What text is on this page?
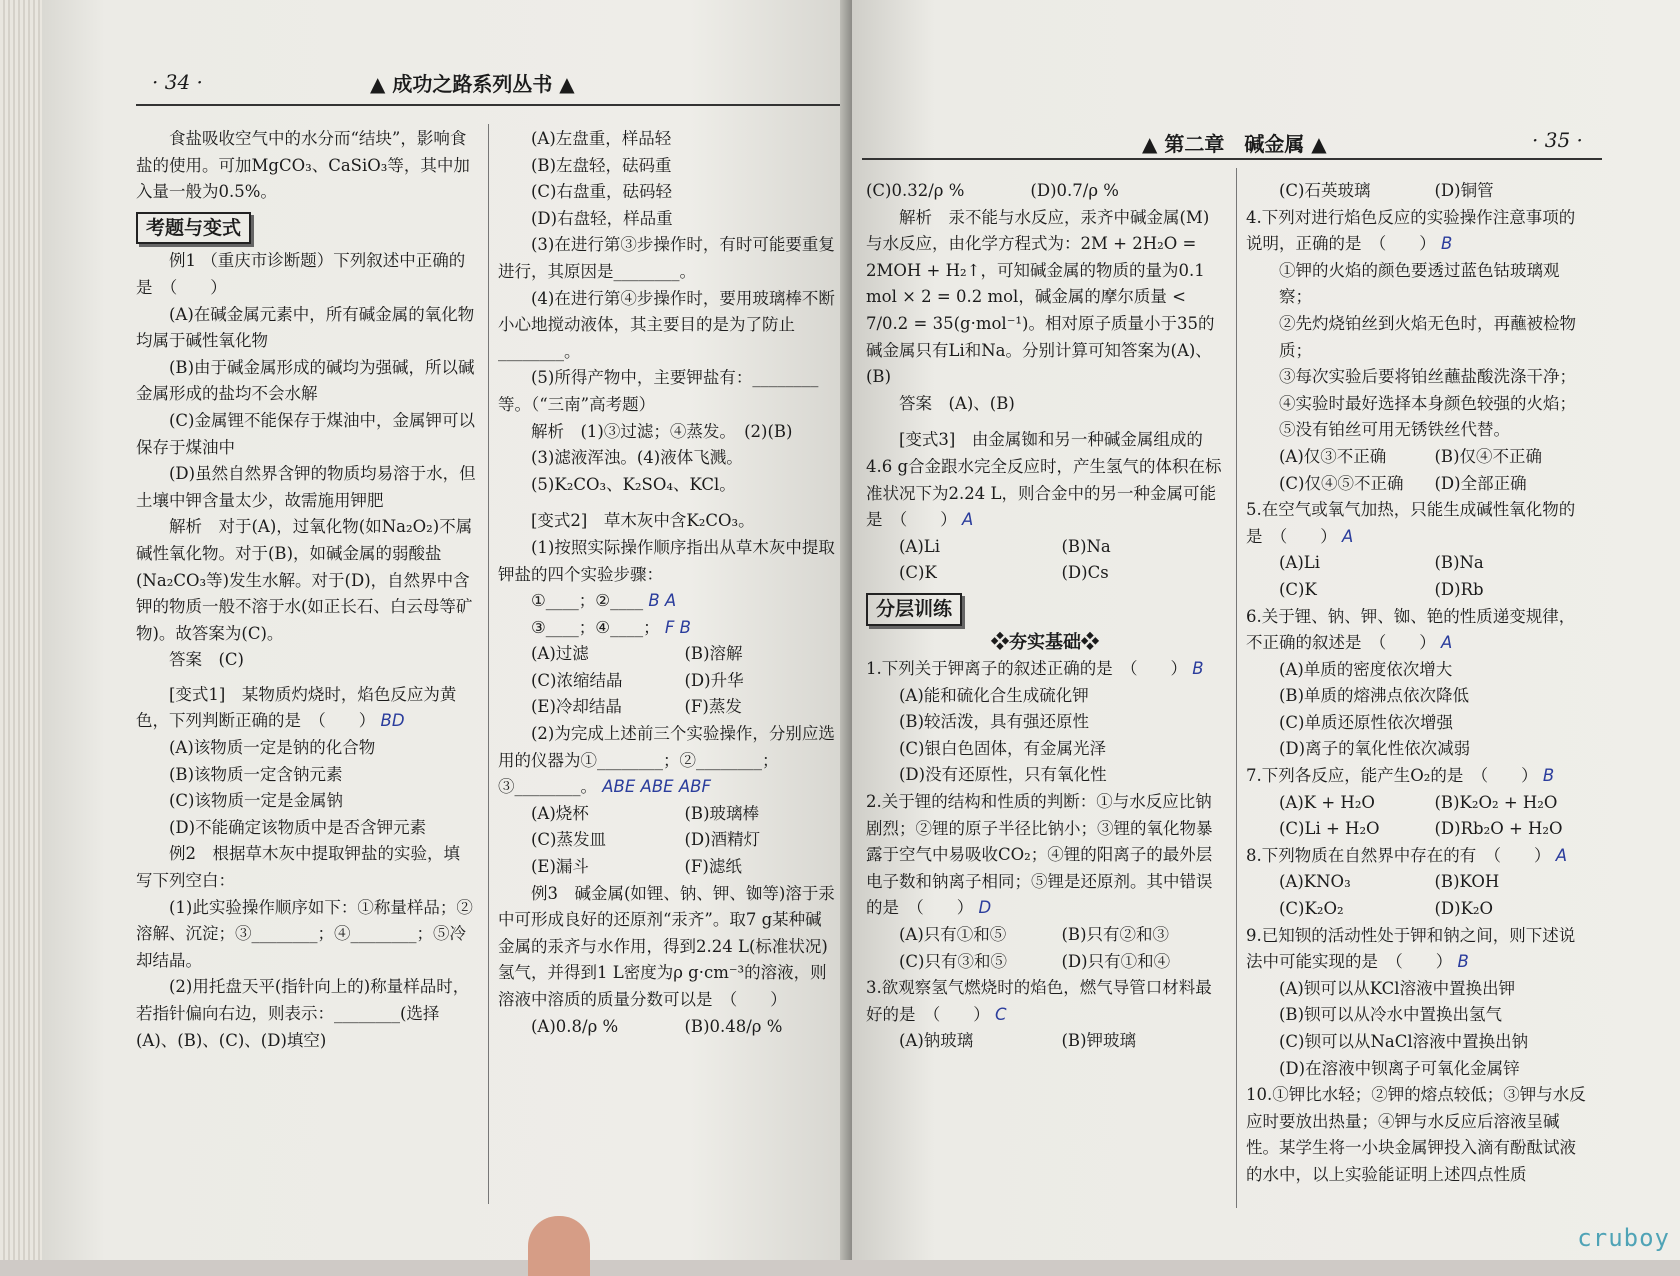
· 34 ·	▲ 成功之路系列丛书 ▲

食盐吸收空气中的水分而“结块”，影响食盐的使用。可加MgCO₃、CaSiO₃等，其中加入量一般为0.5%。

考题与变式

例1 （重庆市诊断题）下列叙述中正确的是　（　　）

(A)在碱金属元素中，所有碱金属的氧化物均属于碱性氧化物

(B)由于碱金属形成的碱均为强碱，所以碱金属形成的盐均不会水解

(C)金属锂不能保存于煤油中，金属钾可以保存于煤油中

(D)虽然自然界含钾的物质均易溶于水，但土壤中钾含量太少，故需施用钾肥

解析　对于(A)，过氧化物(如Na₂O₂)不属碱性氧化物。对于(B)，如碱金属的弱酸盐(Na₂CO₃等)发生水解。对于(D)，自然界中含钾的物质一般不溶于水(如正长石、白云母等矿物)。故答案为(C)。

答案　(C)

[变式1]　某物质灼烧时，焰色反应为黄色，下列判断正确的是　（　　） BD

(A)该物质一定是钠的化合物

(B)该物质一定含钠元素

(C)该物质一定是金属钠

(D)不能确定该物质中是否含钾元素

例2　根据草木灰中提取钾盐的实验，填写下列空白：

(1)此实验操作顺序如下：①称量样品；②溶解、沉淀；③________；④________；⑤冷却结晶。

(2)用托盘天平(指针向上的)称量样品时，若指针偏向右边，则表示：________(选择(A)、(B)、(C)、(D)填空)

(A)左盘重，样品轻

(B)左盘轻，砝码重

(C)右盘重，砝码轻

(D)右盘轻，样品重

(3)在进行第③步操作时，有时可能要重复进行，其原因是________。

(4)在进行第④步操作时，要用玻璃棒不断小心地搅动液体，其主要目的是为了防止________。

(5)所得产物中，主要钾盐有：________等。（“三南”高考题）

解析　(1)③过滤；④蒸发。　(2)(B)

(3)滤液浑浊。(4)液体飞溅。

(5)K₂CO₃、K₂SO₄、KCl。

[变式2]　草木灰中含K₂CO₃。

(1)按照实际操作顺序指出从草木灰中提取钾盐的四个实验步骤：

①____；②____ B A

③____；④____； F B

(A)过滤	(B)溶解
(C)浓缩结晶	(D)升华
(E)冷却结晶	(F)蒸发

(2)为完成上述前三个实验操作，分别应选用的仪器为①________；②________；③________。 ABE ABE ABF

(A)烧杯	(B)玻璃棒
(C)蒸发皿	(D)酒精灯
(E)漏斗	(F)滤纸

例3　碱金属(如锂、钠、钾、铷等)溶于汞中可形成良好的还原剂“汞齐”。取7 g某种碱金属的汞齐与水作用，得到2.24 L(标准状况)氢气，并得到1 L密度为ρ g·cm⁻³的溶液，则溶液中溶质的质量分数可以是　（　　）

(A)0.8/ρ %	(B)0.48/ρ %
▲ 第二章　碱金属 ▲	· 35 ·

(C)0.32/ρ %　　　　(D)0.7/ρ %

解析　汞不能与水反应，汞齐中碱金属(M)与水反应，由化学方程式为：2M + 2H₂O = 2MOH + H₂↑，可知碱金属的物质的量为0.1 mol × 2 = 0.2 mol，碱金属的摩尔质量 < 7/0.2 = 35(g·mol⁻¹)。相对原子质量小于35的碱金属只有Li和Na。分别计算可知答案为(A)、(B)

答案　(A)、(B)

[变式3]　由金属铷和另一种碱金属组成的4.6 g合金跟水完全反应时，产生氢气的体积在标准状况下为2.24 L，则合金中的另一种金属可能是　（　　） A

(A)Li	(B)Na
(C)K	(D)Cs
分层训练
❖夯实基础❖

1.下列关于钾离子的叙述正确的是　（　　） B

(A)能和硫化合生成硫化钾

(B)较活泼，具有强还原性

(C)银白色固体，有金属光泽

(D)没有还原性，只有氧化性

2.关于锂的结构和性质的判断：①与水反应比钠剧烈；②锂的原子半径比钠小；③锂的氧化物暴露于空气中易吸收CO₂；④锂的阳离子的最外层电子数和钠离子相同；⑤锂是还原剂。其中错误的是　（　　） D

(A)只有①和⑤	(B)只有②和③
(C)只有③和⑤	(D)只有①和④

3.欲观察氢气燃烧时的焰色，燃气导管口材料最好的是　（　　） C

(A)钠玻璃	(B)钾玻璃
(C)石英玻璃	(D)铜管

4.下列对进行焰色反应的实验操作注意事项的说明，正确的是　（　　） B

①钾的火焰的颜色要透过蓝色钴玻璃观察；

②先灼烧铂丝到火焰无色时，再蘸被检物质；

③每次实验后要将铂丝蘸盐酸洗涤干净；

④实验时最好选择本身颜色较强的火焰；

⑤没有铂丝可用无锈铁丝代替。

(A)仅③不正确	(B)仅④不正确
(C)仅④⑤不正确	(D)全部正确

5.在空气或氧气加热，只能生成碱性氧化物的是　（　　） A

(A)Li	(B)Na
(C)K	(D)Rb

6.关于锂、钠、钾、铷、铯的性质递变规律，不正确的叙述是　（　　） A

(A)单质的密度依次增大

(B)单质的熔沸点依次降低

(C)单质还原性依次增强

(D)离子的氧化性依次减弱

7.下列各反应，能产生O₂的是　（　　） B

(A)K + H₂O	(B)K₂O₂ + H₂O
(C)Li + H₂O	(D)Rb₂O + H₂O

8.下列物质在自然界中存在的有　（　　） A

(A)KNO₃	(B)KOH
(C)K₂O₂	(D)K₂O

9.已知钡的活动性处于钾和钠之间，则下述说法中可能实现的是　（　　） B

(A)钡可以从KCl溶液中置换出钾

(B)钡可以从冷水中置换出氢气

(C)钡可以从NaCl溶液中置换出钠

(D)在溶液中钡离子可氧化金属锌

10.①钾比水轻；②钾的熔点较低；③钾与水反应时要放出热量；④钾与水反应后溶液呈碱性。某学生将一小块金属钾投入滴有酚酞试液的水中，以上实验能证明上述四点性质

cruboy
